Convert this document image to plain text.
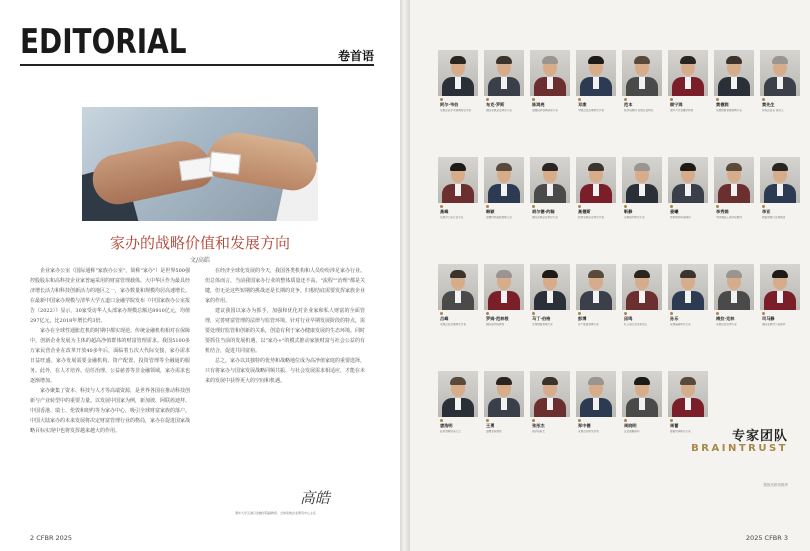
EDITORIAL	卷首语
家办的战略价值和发展方向
文/高皓

企业家办公室（国际通称"家族办公室"，简称"家办"）是世界500强控股股东和高科技企业家普遍采用的财富管理载体。大中华区作为最具经济增长活力和科技创新活力的地区之一，家办数量和规模均居高速增长。在最新中国家办规模与清华大学五道口金融学院发布《中国家族办公室报告（2022）》显示，30家受访华人头部家办规模总额达8910亿元，均值297亿元，比2018年增长约3倍。

家办在全球性通胀危机的时期中都实现逆。传统金融机构相对在保障中，创新企业发展为主体的超高净值群体的财富管理需求。我国5100多万家民营企业在改革开放40多年后，面临着五次大代际交接，家办需求日益旺盛。家办发展需要金融机构、资产配置、投资管理等全融通的服务。此外，在人才培养、信任治理、公益慈善等非金融领域，家办需求也逐渐增加。

家办聚集了资本、科技与人才等高端资源，是世界各国在推动科技创新与产业转型中的重要力量。以发展中国家为例，新加坡、阿联酋迪拜、中国香港、瑞士、伦敦和纽约等为家办中心，吸引全球财富家族的落户。中国大陆家办的未来发展将决定财富管理行业的格局，家办在促进国家战略目标实现中也将发挥越来越大的作用。

在经济全球化发展的今天，我国各类机构和人员纷纷涉足家办行业。但总体而言，当前我国家办行业的整体质量还不高。"流程""治理"都是关键，但无论这些短期的挑战还是长期的竞争，归根结底需要发挥家族企业家的作用。

建议我国以家办为抓手，加强和优化对企业家和私人财富的全面管理，完善财富管理的法律与监管环境。针对行业早期发展阶段的特点，需要处理好监管和创新的关系，创造有利于家办健康发展的生态环境。同时要抓住当前的发展机遇，以"家办+"的模式推动家族财富与社会公益的有机结合，促进共同富裕。

总之，家办以其独特的优势和战略地位成为高净值家庭的重要选择，只有将家办与国家发展战略同频共振、与社会发展需求相适应，才能在未来的发展中获得更大的空间和机遇。

高皓
清华大学五道口金融学院副教授、全球家族企业研究中心主任
2 CFBR 2025
阿尔·韦伯
家族企业学术领域知名学者
布克·罗斯
国际家族企业研究专家
陈鸿亮
金融投资领域资深专家
邓康
中国企业治理研究学者
范本
商学院教授 家族企业研究
顾宁鸿
清华大学金融学教授
黄德润
家族财富管理领域专家
黄先生
资深企业家 投资人
高峰
家族办公室行业专家
韩颖
金融机构高级管理人员
胡尔德·约翰
国际家族企业协会专家
高德斯
欧洲家族企业研究学者
靳静
家族信托研究专家
姜曦
传承规划资深顾问
李秀娟
中欧国际工商学院教授
李亚
财富管理行业观察者
吕峰
家族企业治理研究学者
罗姆·范林根
国际商学院教授
马丁·伯格
全球财富管理专家
彭博
资产配置领域专家
邱鸣
私人银行业务负责人
孙乐
家族慈善研究专家
梅拉·克林
家族企业咨询专家
司马静
国际家族办公室顾问
唐浩明
投资管理资深人士
王勇
金融学院教授
张彤杰
商学院院长
郑中德
家族企业研究学者
周晓明
企业战略顾问
周蕾
财富传承研究专家	专家团队
BRAINTRUST
按姓氏拼音排序
2025 CFBR 3
